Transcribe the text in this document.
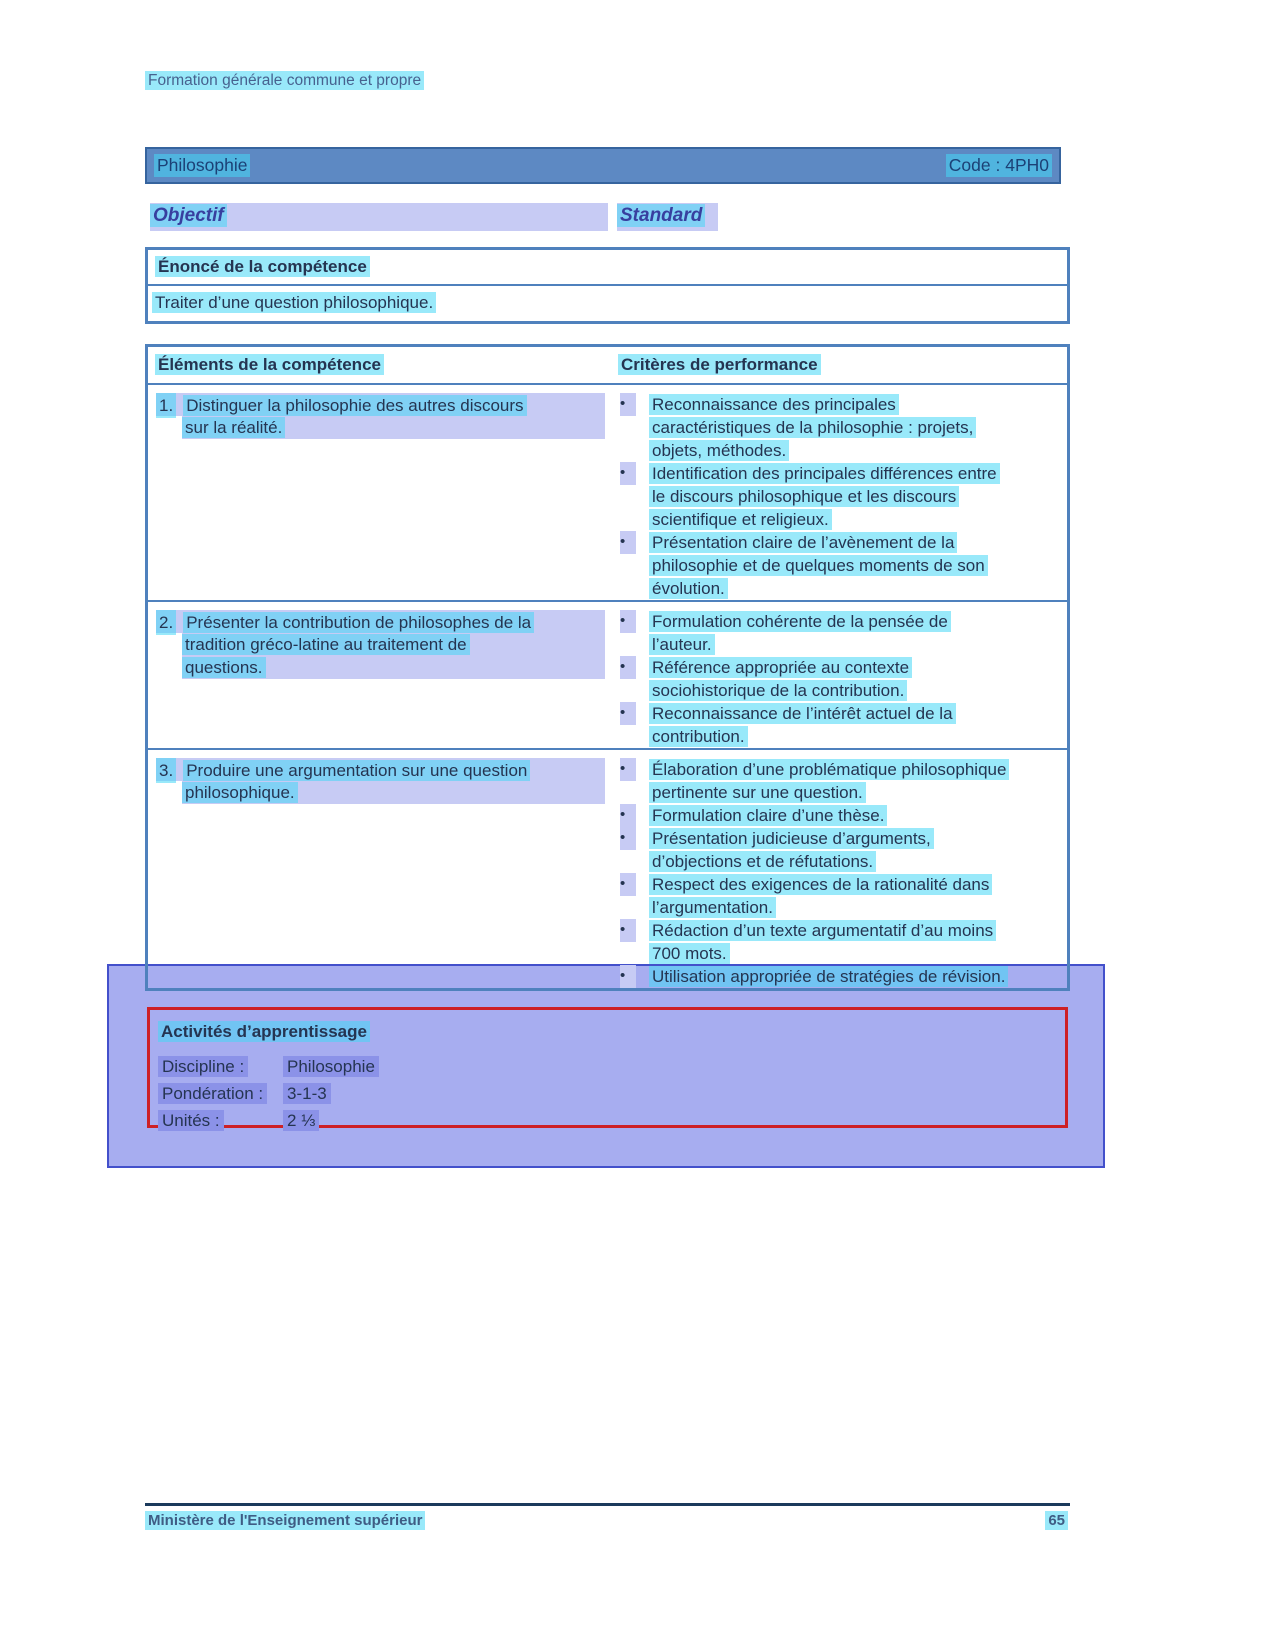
Formation générale commune et propre
Philosophie	Code : 4PH0
Objectif	Standard
Énoncé de la compétence
Traiter d’une question philosophique.
Éléments de la compétence	Critères de performance
1. Distinguer la philosophie des autres discours
sur la réalité.
•	Reconnaissance des principales
caractéristiques de la philosophie : projets,
objets, méthodes.
•	Identification des principales différences entre
le discours philosophique et les discours
scientifique et religieux.
•	Présentation claire de l’avènement de la
philosophie et de quelques moments de son
évolution.
2. Présenter la contribution de philosophes de la
tradition gréco-latine au traitement de
questions.
•	Formulation cohérente de la pensée de
l’auteur.
•	Référence appropriée au contexte
sociohistorique de la contribution.
•	Reconnaissance de l’intérêt actuel de la
contribution.
3. Produire une argumentation sur une question
philosophique.
•	Élaboration d’une problématique philosophique
pertinente sur une question.
•	Formulation claire d’une thèse.
•	Présentation judicieuse d’arguments,
d’objections et de réfutations.
•	Respect des exigences de la rationalité dans
l’argumentation.
•	Rédaction d’un texte argumentatif d’au moins
700 mots.
•	Utilisation appropriée de stratégies de révision.
Activités d’apprentissage
Discipline :	Philosophie
Pondération : 3-1-3
Unités :	2 ⅓
Ministère de l'Enseignement supérieur	65
